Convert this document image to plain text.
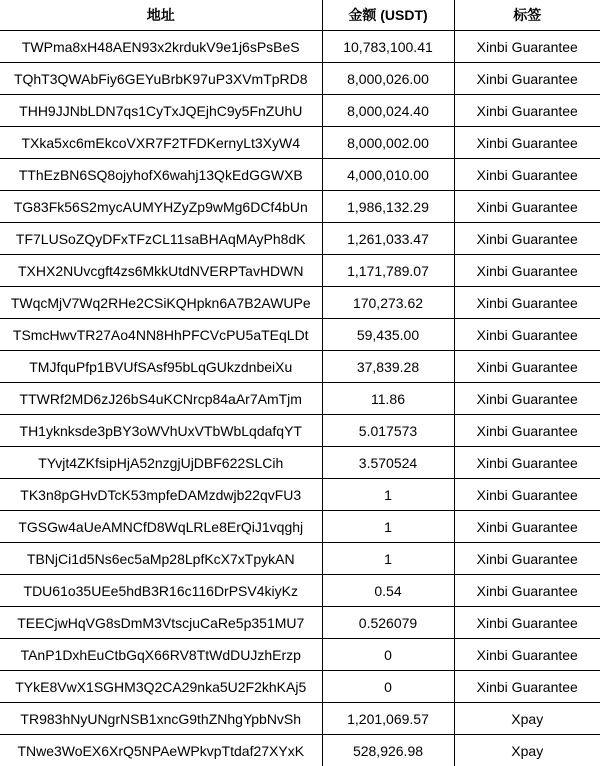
地址	金额 (USDT)	标签
TWPma8xH48AEN93x2krdukV9e1j6sPsBeS	10,783,100.41	Xinbi Guarantee
TQhT3QWAbFiy6GEYuBrbK97uP3XVmTpRD8	8,000,026.00	Xinbi Guarantee
THH9JJNbLDN7qs1CyTxJQEjhC9y5FnZUhU	8,000,024.40	Xinbi Guarantee
TXka5xc6mEkcoVXR7F2TFDKernyLt3XyW4	8,000,002.00	Xinbi Guarantee
TThEzBN6SQ8ojyhofX6wahj13QkEdGGWXB	4,000,010.00	Xinbi Guarantee
TG83Fk56S2mycAUMYHZyZp9wMg6DCf4bUn	1,986,132.29	Xinbi Guarantee
TF7LUSoZQyDFxTFzCL11saBHAqMAyPh8dK	1,261,033.47	Xinbi Guarantee
TXHX2NUvcgft4zs6MkkUtdNVERPTavHDWN	1,171,789.07	Xinbi Guarantee
TWqcMjV7Wq2RHe2CSiKQHpkn6A7B2AWUPe	170,273.62	Xinbi Guarantee
TSmcHwvTR27Ao4NN8HhPFCVcPU5aTEqLDt	59,435.00	Xinbi Guarantee
TMJfquPfp1BVUfSAsf95bLqGUkzdnbeiXu	37,839.28	Xinbi Guarantee
TTWRf2MD6zJ26bS4uKCNrcp84aAr7AmTjm	11.86	Xinbi Guarantee
TH1yknksde3pBY3oWVhUxVTbWbLqdafqYT	5.017573	Xinbi Guarantee
TYvjt4ZKfsipHjA52nzgjUjDBF622SLCih	3.570524	Xinbi Guarantee
TK3n8pGHvDTcK53mpfeDAMzdwjb22qvFU3	1	Xinbi Guarantee
TGSGw4aUeAMNCfD8WqLRLe8ErQiJ1vqghj	1	Xinbi Guarantee
TBNjCi1d5Ns6ec5aMp28LpfKcX7xTpykAN	1	Xinbi Guarantee
TDU61o35UEe5hdB3R16c116DrPSV4kiyKz	0.54	Xinbi Guarantee
TEECjwHqVG8sDmM3VtscjuCaRe5p351MU7	0.526079	Xinbi Guarantee
TAnP1DxhEuCtbGqX66RV8TtWdDUJzhErzp	0	Xinbi Guarantee
TYkE8VwX1SGHM3Q2CA29nka5U2F2khKAj5	0	Xinbi Guarantee
TR983hNyUNgrNSB1xncG9thZNhgYpbNvSh	1,201,069.57	Xpay
TNwe3WoEX6XrQ5NPAeWPkvpTtdaf27XYxK	528,926.98	Xpay
